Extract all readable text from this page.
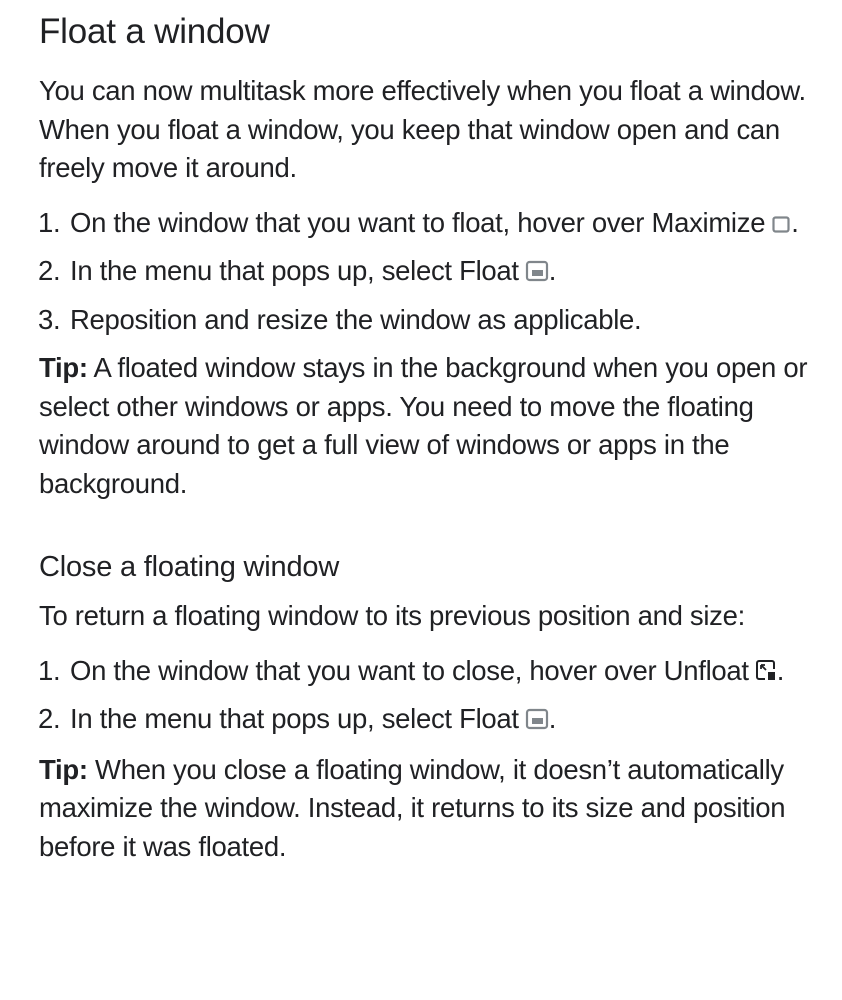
Float a window

You can now multitask more effectively when you float a window. When you float a window, you keep that window open and can freely move it around.

1. On the window that you want to float, hover over Maximize .
2. In the menu that pops up, select Float .
3. Reposition and resize the window as applicable.

Tip: A floated window stays in the background when you open or select other windows or apps. You need to move the floating window around to get a full view of windows or apps in the background.

Close a floating window

To return a floating window to its previous position and size:

1. On the window that you want to close, hover over Unfloat .
2. In the menu that pops up, select Float .

Tip: When you close a floating window, it doesn’t automatically maximize the window. Instead, it returns to its size and position before it was floated.
